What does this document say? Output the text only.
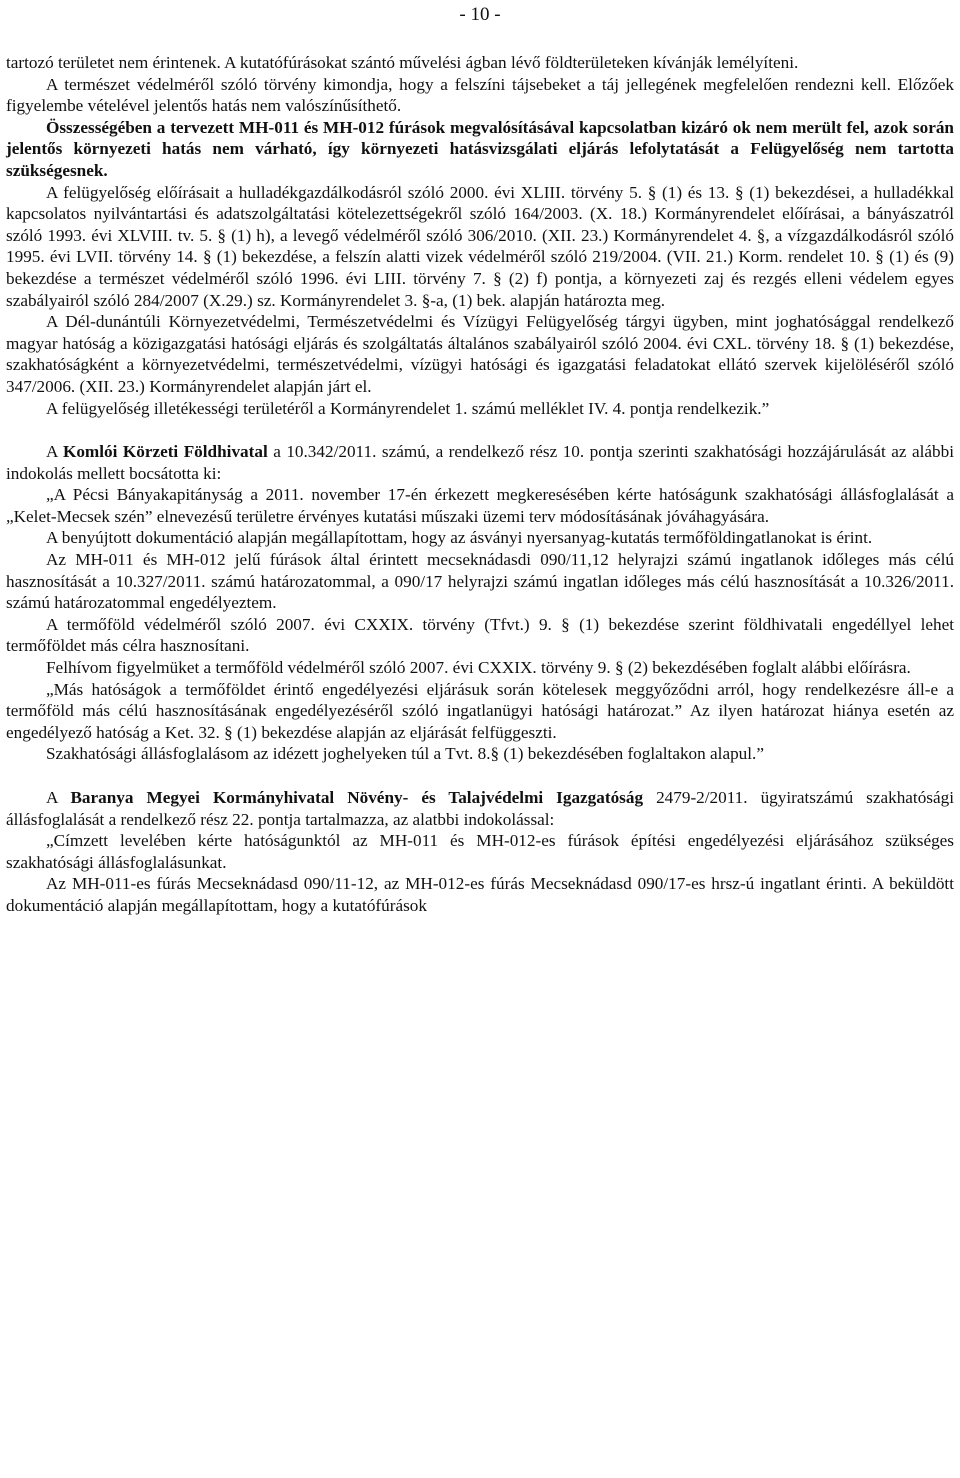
- 10 -

tartozó területet nem érintenek. A kutatófúrásokat szántó művelési ágban lévő földterületeken kívánják lemélyíteni.

A természet védelméről szóló törvény kimondja, hogy a felszíni tájsebeket a táj jellegének megfelelően rendezni kell. Előzőek figyelembe vételével jelentős hatás nem valószínűsíthető.

Összességében a tervezett MH-011 és MH-012 fúrások megvalósításával kapcsolatban kizáró ok nem merült fel, azok során jelentős környezeti hatás nem várható, így környezeti hatásvizsgálati eljárás lefolytatását a Felügyelőség nem tartotta szükségesnek.

A felügyelőség előírásait a hulladékgazdálkodásról szóló 2000. évi XLIII. törvény 5. § (1) és 13. § (1) bekezdései, a hulladékkal kapcsolatos nyilvántartási és adatszolgáltatási kötelezettségekről szóló 164/2003. (X. 18.) Kormányrendelet előírásai, a bányászatról szóló 1993. évi XLVIII. tv. 5. § (1) h), a levegő védelméről szóló 306/2010. (XII. 23.) Kormányrendelet 4. §, a vízgazdálkodásról szóló 1995. évi LVII. törvény 14. § (1) bekezdése, a felszín alatti vizek védelméről szóló 219/2004. (VII. 21.) Korm. rendelet 10. § (1) és (9) bekezdése a természet védelméről szóló 1996. évi LIII. törvény 7. § (2) f) pontja, a környezeti zaj és rezgés elleni védelem egyes szabályairól szóló 284/2007 (X.29.) sz. Kormányrendelet 3. §-a, (1) bek. alapján határozta meg.

A Dél-dunántúli Környezetvédelmi, Természetvédelmi és Vízügyi Felügyelőség tárgyi ügyben, mint joghatósággal rendelkező magyar hatóság a közigazgatási hatósági eljárás és szolgáltatás általános szabályairól szóló 2004. évi CXL. törvény 18. § (1) bekezdése, szakhatóságként a környezetvédelmi, természetvédelmi, vízügyi hatósági és igazgatási feladatokat ellátó szervek kijelöléséről szóló 347/2006. (XII. 23.) Kormányrendelet alapján járt el.

A felügyelőség illetékességi területéről a Kormányrendelet 1. számú melléklet IV. 4. pontja rendelkezik.”

A Komlói Körzeti Földhivatal a 10.342/2011. számú, a rendelkező rész 10. pontja szerinti szakhatósági hozzájárulását az alábbi indokolás mellett bocsátotta ki:

„A Pécsi Bányakapitányság a 2011. november 17-én érkezett megkeresésében kérte hatóságunk szakhatósági állásfoglalását a „Kelet-Mecsek szén” elnevezésű területre érvényes kutatási műszaki üzemi terv módosításának jóváhagyására.

A benyújtott dokumentáció alapján megállapítottam, hogy az ásványi nyersanyag-kutatás termőföldingatlanokat is érint.

Az MH-011 és MH-012 jelű fúrások által érintett mecseknádasdi 090/11,12 helyrajzi számú ingatlanok időleges más célú hasznosítását a 10.327/2011. számú határozatommal, a 090/17 helyrajzi számú ingatlan időleges más célú hasznosítását a 10.326/2011. számú határozatommal engedélyeztem.

A termőföld védelméről szóló 2007. évi CXXIX. törvény (Tfvt.) 9. § (1) bekezdése szerint földhivatali engedéllyel lehet termőföldet más célra hasznosítani.

Felhívom figyelmüket a termőföld védelméről szóló 2007. évi CXXIX. törvény 9. § (2) bekezdésében foglalt alábbi előírásra.

„Más hatóságok a termőföldet érintő engedélyezési eljárásuk során kötelesek meggyőződni arról, hogy rendelkezésre áll-e a termőföld más célú hasznosításának engedélyezéséről szóló ingatlanügyi hatósági határozat.” Az ilyen határozat hiánya esetén az engedélyező hatóság a Ket. 32. § (1) bekezdése alapján az eljárását felfüggeszti.

Szakhatósági állásfoglalásom az idézett joghelyeken túl a Tvt. 8.§ (1) bekezdésében foglaltakon alapul.”

A Baranya Megyei Kormányhivatal Növény- és Talajvédelmi Igazgatóság 2479-2/2011. ügyiratszámú szakhatósági állásfoglalását a rendelkező rész 22. pontja tartalmazza, az alatbbi indokolással:

„Címzett levelében kérte hatóságunktól az MH-011 és MH-012-es fúrások építési engedélyezési eljárásához szükséges szakhatósági állásfoglalásunkat.

Az MH-011-es fúrás Mecseknádasd 090/11-12, az MH-012-es fúrás Mecseknádasd 090/17-es hrsz-ú ingatlant érinti. A beküldött dokumentáció alapján megállapítottam, hogy a kutatófúrások
